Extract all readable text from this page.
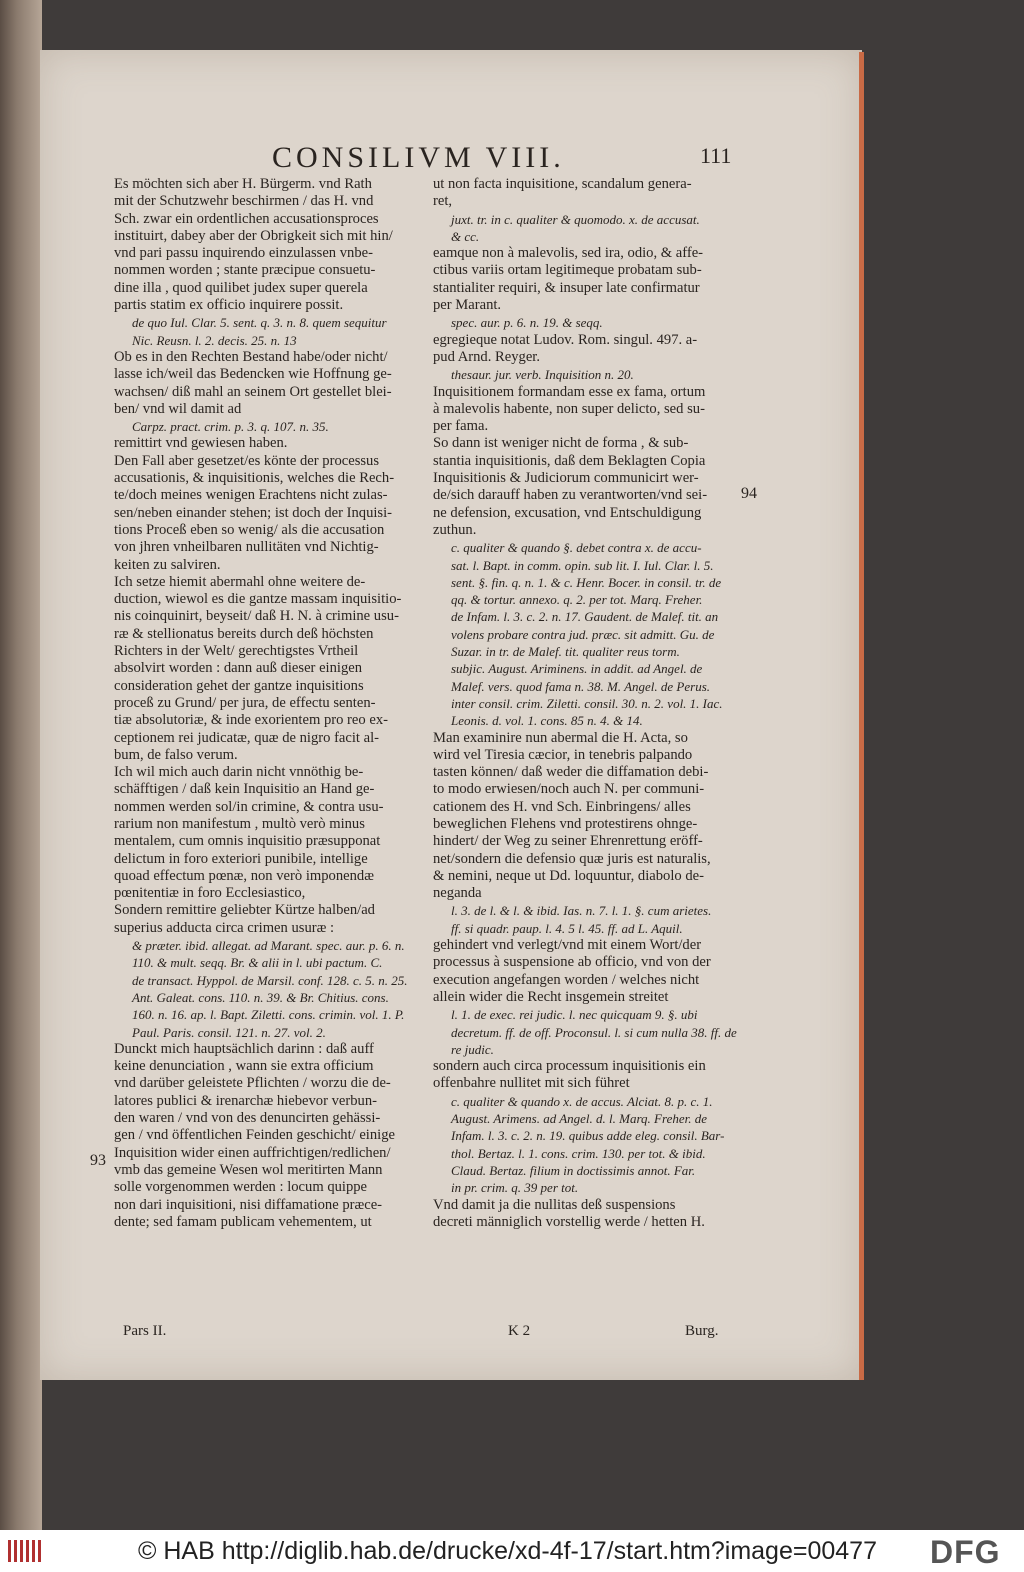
CONSILIVM VIII.	111

Es möchten sich aber H. Bürgerm. vnd Rath

mit der Schutzwehr beschirmen / das H. vnd

Sch. zwar ein ordentlichen accusationsproces

instituirt, dabey aber der Obrigkeit sich mit hin/

vnd pari passu inquirendo einzulassen vnbe-

nommen worden ; stante præcipue consuetu-

dine illa , quod quilibet judex super querela

partis statim ex officio inquirere possit.

de quo Iul. Clar. 5. sent. q. 3. n. 8. quem sequitur

Nic. Reusn. l. 2. decis. 25. n. 13

Ob es in den Rechten Bestand habe/oder nicht/

lasse ich/weil das Bedencken wie Hoffnung ge-

wachsen/ diß mahl an seinem Ort gestellet blei-

ben/ vnd wil damit ad

Carpz. pract. crim. p. 3. q. 107. n. 35.

remittirt vnd gewiesen haben.

Den Fall aber gesetzet/es könte der processus

accusationis, & inquisitionis, welches die Rech-

te/doch meines wenigen Erachtens nicht zulas-

sen/neben einander stehen; ist doch der Inquisi-

tions Proceß eben so wenig/ als die accusation

von jhren vnheilbaren nullitäten vnd Nichtig-

keiten zu salviren.

Ich setze hiemit abermahl ohne weitere de-

duction, wiewol es die gantze massam inquisitio-

nis coinquinirt, beyseit/ daß H. N. à crimine usu-

ræ & stellionatus bereits durch deß höchsten

Richters in der Welt/ gerechtigstes Vrtheil

absolvirt worden : dann auß dieser einigen

consideration gehet der gantze inquisitions

proceß zu Grund/ per jura, de effectu senten-

tiæ absolutoriæ, & inde exorientem pro reo ex-

ceptionem rei judicatæ, quæ de nigro facit al-

bum, de falso verum.

Ich wil mich auch darin nicht vnnöthig be-

schäfftigen / daß kein Inquisitio an Hand ge-

nommen werden sol/in crimine, & contra usu-

rarium non manifestum , multò verò minus

mentalem, cum omnis inquisitio præsupponat

delictum in foro exteriori punibile, intellige

quoad effectum pœnæ, non verò imponendæ

pœnitentiæ in foro Ecclesiastico,

Sondern remittire geliebter Kürtze halben/ad

superius adducta circa crimen usuræ :

& præter. ibid. allegat. ad Marant. spec. aur. p. 6. n.

110. & mult. seqq. Br. & alii in l. ubi pactum. C.

de transact. Hyppol. de Marsil. conf. 128. c. 5. n. 25.

Ant. Galeat. cons. 110. n. 39. & Br. Chitius. cons.

160. n. 16. ap. l. Bapt. Ziletti. cons. crimin. vol. 1. P.

Paul. Paris. consil. 121. n. 27. vol. 2.

Dunckt mich hauptsächlich darinn : daß auff

keine denunciation , wann sie extra officium

vnd darüber geleistete Pflichten / worzu die de-

latores publici & irenarchæ hiebevor verbun-

den waren / vnd von des denuncirten gehässi-

gen / vnd öffentlichen Feinden geschicht/ einige

Inquisition wider einen auffrichtigen/redlichen/

vmb das gemeine Wesen wol meritirten Mann

solle vorgenommen werden : locum quippe

non dari inquisitioni, nisi diffamatione præce-

dente; sed famam publicam vehementem, ut

ut non facta inquisitione, scandalum genera-

ret,

juxt. tr. in c. qualiter & quomodo. x. de accusat.

& cc.

eamque non à malevolis, sed ira, odio, & affe-

ctibus variis ortam legitimeque probatam sub-

stantialiter requiri, & insuper late confirmatur

per Marant.

spec. aur. p. 6. n. 19. & seqq.

egregieque notat Ludov. Rom. singul. 497. a-

pud Arnd. Reyger.

thesaur. jur. verb. Inquisition n. 20.

Inquisitionem formandam esse ex fama, ortum

à malevolis habente, non super delicto, sed su-

per fama.

So dann ist weniger nicht de forma , & sub-

stantia inquisitionis, daß dem Beklagten Copia

Inquisitionis & Judiciorum communicirt wer-

de/sich darauff haben zu verantworten/vnd sei-

ne defension, excusation, vnd Entschuldigung

zuthun.

c. qualiter & quando §. debet contra x. de accu-

sat. l. Bapt. in comm. opin. sub lit. I. Iul. Clar. l. 5.

sent. §. fin. q. n. 1. & c. Henr. Bocer. in consil. tr. de

qq. & tortur. annexo. q. 2. per tot. Marq. Freher.

de Infam. l. 3. c. 2. n. 17. Gaudent. de Malef. tit. an

volens probare contra jud. præc. sit admitt. Gu. de

Suzar. in tr. de Malef. tit. qualiter reus torm.

subjic. August. Ariminens. in addit. ad Angel. de

Malef. vers. quod fama n. 38. M. Angel. de Perus.

inter consil. crim. Ziletti. consil. 30. n. 2. vol. 1. Iac.

Leonis. d. vol. 1. cons. 85 n. 4. & 14.

Man examinire nun abermal die H. Acta, so

wird vel Tiresia cæcior, in tenebris palpando

tasten können/ daß weder die diffamation debi-

to modo erwiesen/noch auch N. per communi-

cationem des H. vnd Sch. Einbringens/ alles

beweglichen Flehens vnd protestirens ohnge-

hindert/ der Weg zu seiner Ehrenrettung eröff-

net/sondern die defensio quæ juris est naturalis,

& nemini, neque ut Dd. loquuntur, diabolo de-

neganda

l. 3. de l. & l. & ibid. Ias. n. 7. l. 1. §. cum arietes.

ff. si quadr. paup. l. 4. 5 l. 45. ff. ad L. Aquil.

gehindert vnd verlegt/vnd mit einem Wort/der

processus à suspensione ab officio, vnd von der

execution angefangen worden / welches nicht

allein wider die Recht insgemein streitet

l. 1. de exec. rei judic. l. nec quicquam 9. §. ubi

decretum. ff. de off. Proconsul. l. si cum nulla 38. ff. de

re judic.

sondern auch circa processum inquisitionis ein

offenbahre nullitet mit sich führet

c. qualiter & quando x. de accus. Alciat. 8. p. c. 1.

August. Arimens. ad Angel. d. l. Marq. Freher. de

Infam. l. 3. c. 2. n. 19. quibus adde eleg. consil. Bar-

thol. Bertaz. l. 1. cons. crim. 130. per tot. & ibid.

Claud. Bertaz. filium in doctissimis annot. Far.

in pr. crim. q. 39 per tot.

Vnd damit ja die nullitas deß suspensions

decreti männiglich vorstellig werde / hetten H.

93
94
Pars II.	K 2	Burg.
© HAB http://diglib.hab.de/drucke/xd-4f-17/start.htm?image=00477 DFG
